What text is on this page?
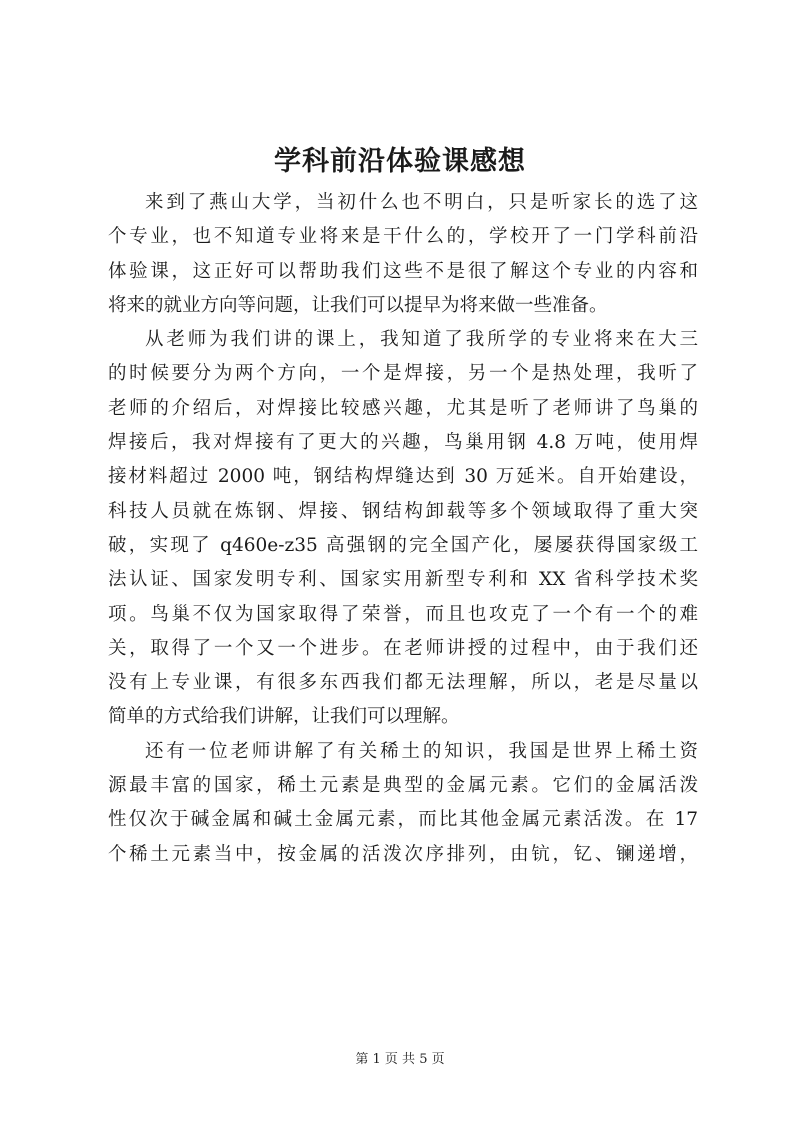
学科前沿体验课感想
来到了燕山大学，当初什么也不明白，只是听家长的选了这
个专业，也不知道专业将来是干什么的，学校开了一门学科前沿
体验课，这正好可以帮助我们这些不是很了解这个专业的内容和
将来的就业方向等问题，让我们可以提早为将来做一些准备。
从老师为我们讲的课上，我知道了我所学的专业将来在大三
的时候要分为两个方向，一个是焊接，另一个是热处理，我听了
老师的介绍后，对焊接比较感兴趣，尤其是听了老师讲了鸟巢的
焊接后，我对焊接有了更大的兴趣，鸟巢用钢 4.8 万吨，使用焊
接材料超过 2000 吨，钢结构焊缝达到 30 万延米。自开始建设，
科技人员就在炼钢、焊接、钢结构卸载等多个领域取得了重大突
破，实现了 q460e-z35 高强钢的完全国产化，屡屡获得国家级工
法认证、国家发明专利、国家实用新型专利和 XX 省科学技术奖
项。鸟巢不仅为国家取得了荣誉，而且也攻克了一个有一个的难
关，取得了一个又一个进步。在老师讲授的过程中，由于我们还
没有上专业课，有很多东西我们都无法理解，所以，老是尽量以
简单的方式给我们讲解，让我们可以理解。
还有一位老师讲解了有关稀土的知识，我国是世界上稀土资
源最丰富的国家，稀土元素是典型的金属元素。它们的金属活泼
性仅次于碱金属和碱土金属元素，而比其他金属元素活泼。在 17
个稀土元素当中，按金属的活泼次序排列，由钪，钇、镧递增，
第 1 页 共 5 页
